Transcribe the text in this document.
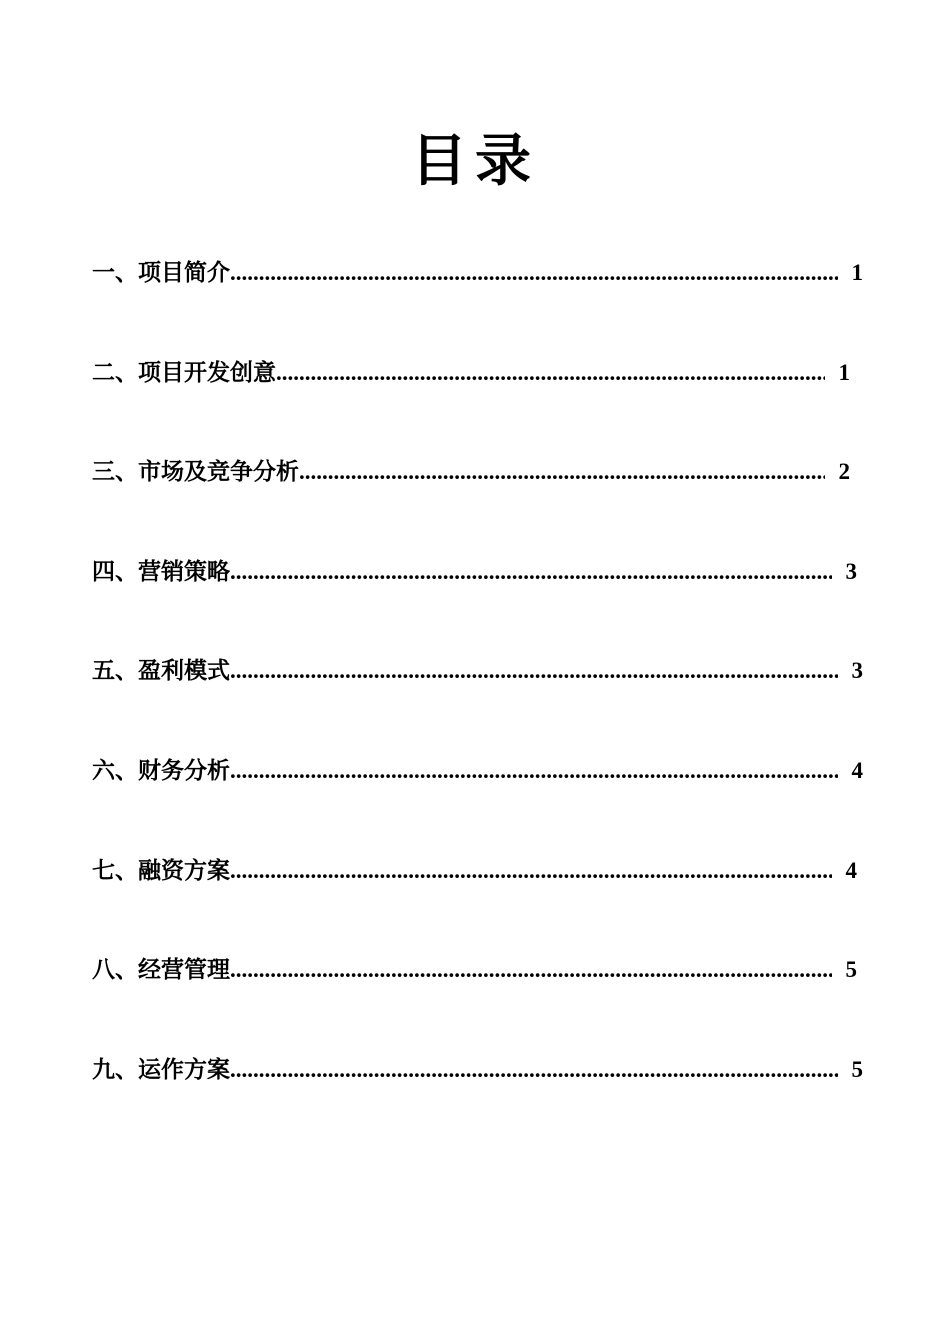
目录
一、项目简介 .....	1
二、项目开发创意 .....	1
三、市场及竞争分析 .....	2
四、营销策略 .....	3
五、盈利模式 .....	3
六、财务分析 .....	4
七、融资方案 .....	4
八、经营管理 .....	5
九、运作方案 .....	5
